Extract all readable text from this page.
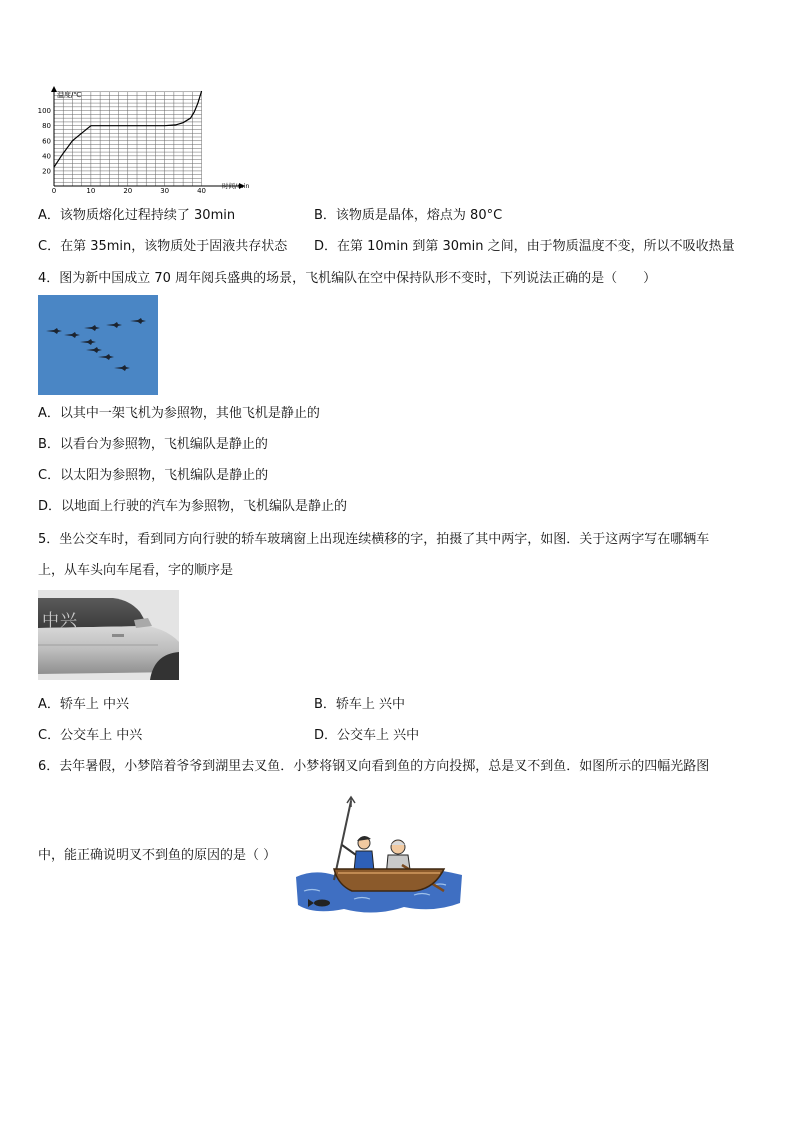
温度/℃
时间/min
0	10	20	30	40
20
40
60
80
100
A．该物质熔化过程持续了 30min	B．该物质是晶体，熔点为 80°C
C．在第 35min，该物质处于固液共存状态 D．在第 10min 到第 30min 之间，由于物质温度不变，所以不吸收热量
4．图为新中国成立 70 周年阅兵盛典的场景，飞机编队在空中保持队形不变时，下列说法正确的是（　　）
A．以其中一架飞机为参照物，其他飞机是静止的
B．以看台为参照物，飞机编队是静止的
C．以太阳为参照物，飞机编队是静止的
D．以地面上行驶的汽车为参照物，飞机编队是静止的
5．坐公交车时，看到同方向行驶的轿车玻璃窗上出现连续横移的字，拍摄了其中两字，如图．关于这两字写在哪辆车
上，从车头向车尾看，字的顺序是
中兴
A．轿车上 中兴	B．轿车上 兴中
C．公交车上 中兴	D．公交车上 兴中
6．去年暑假，小梦陪着爷爷到湖里去叉鱼．小梦将钢叉向看到鱼的方向投掷，总是叉不到鱼．如图所示的四幅光路图
中，能正确说明叉不到鱼的原因的是（ ）
